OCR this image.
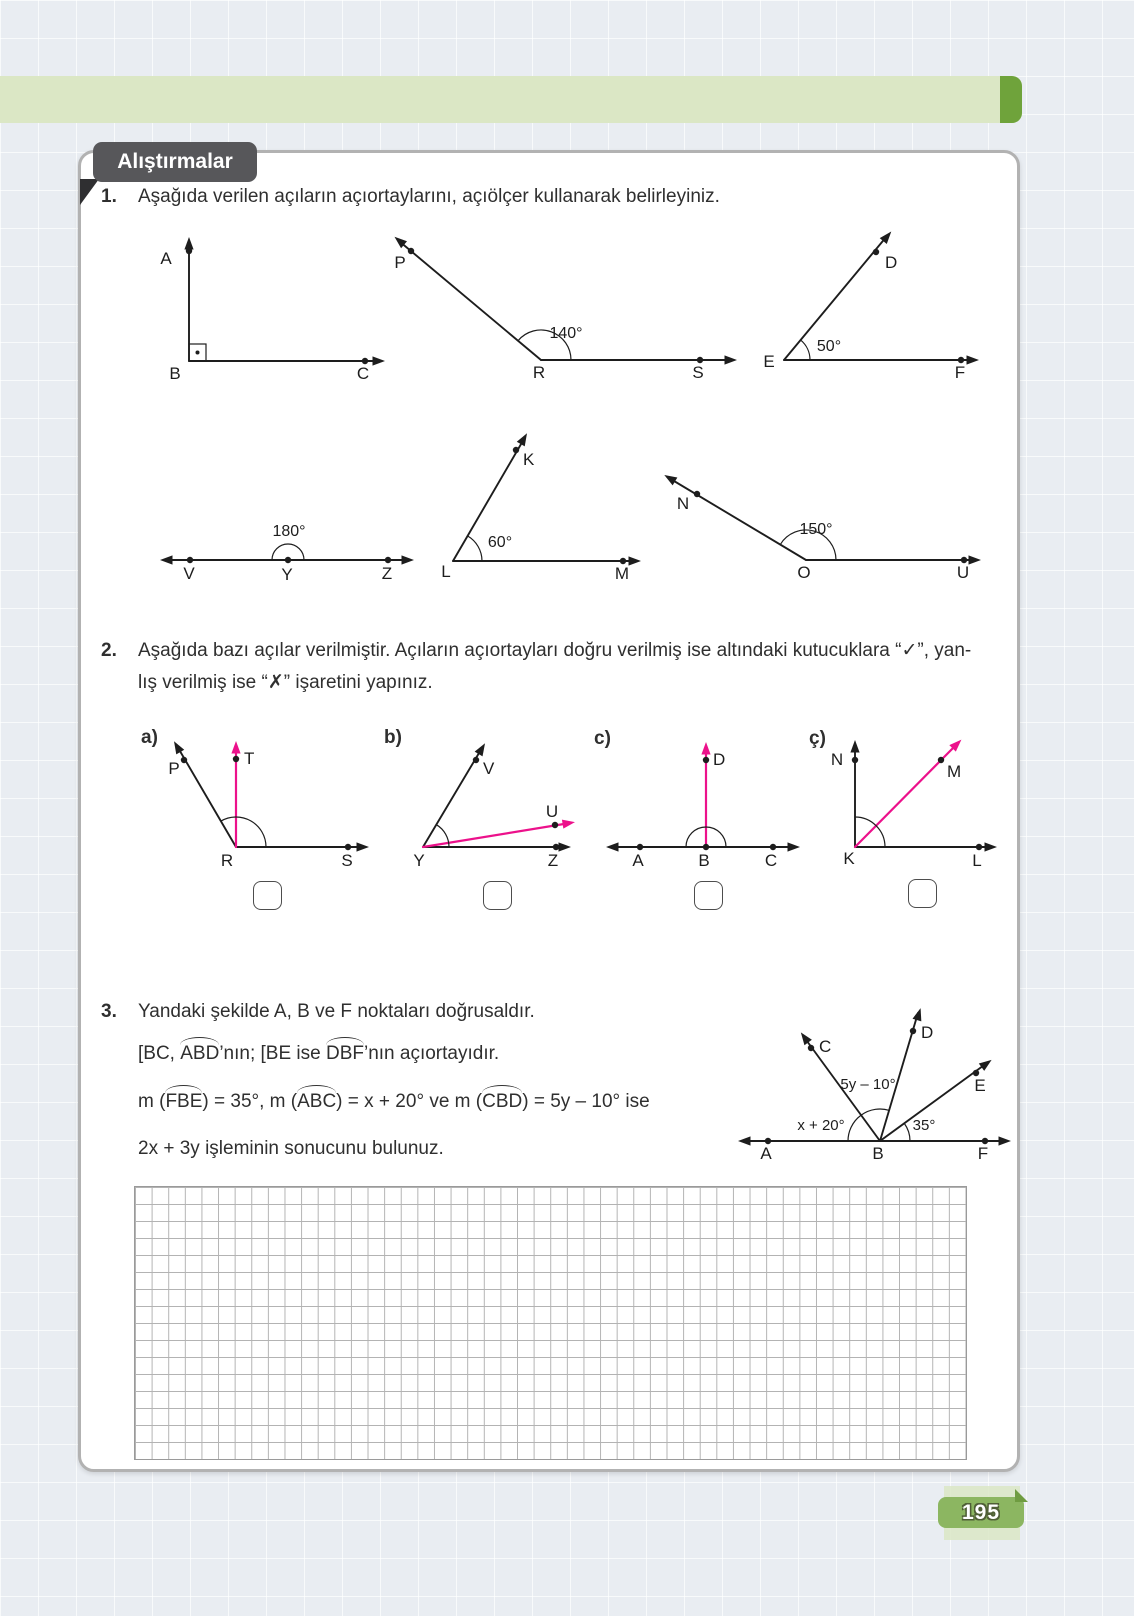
Alıştırmalar
1. Aşağıda verilen açıların açıortaylarını, açıölçer kullanarak belirleyiniz.
A
B	C
P
R	S
140°
D
E
F
50°
V	Y	Z
180°
K
L	M
60°
N
O	U
150°
2. Aşağıda bazı açılar verilmiştir. Açıların açıortayları doğru verilmiş ise altındaki kutucuklara “✓”, yan-
lış verilmiş ise “✗” işaretini yapınız.
a)	b)	c)	ç)
P
T
R	S
V
U
Y	Z
D
A	B	C
N
M
K	L
3. Yandaki şekilde A, B ve F noktaları doğrusaldır.
[BC, ABD’nın; [BE ise DBF’nın açıortayıdır.
m (FBE) = 35°, m (ABC) = x + 20° ve m (CBD) = 5y – 10° ise
2x + 3y işleminin sonucunu bulunuz.	A	B	F
C
D
E
5y – 10°
x + 20°	35°
195
